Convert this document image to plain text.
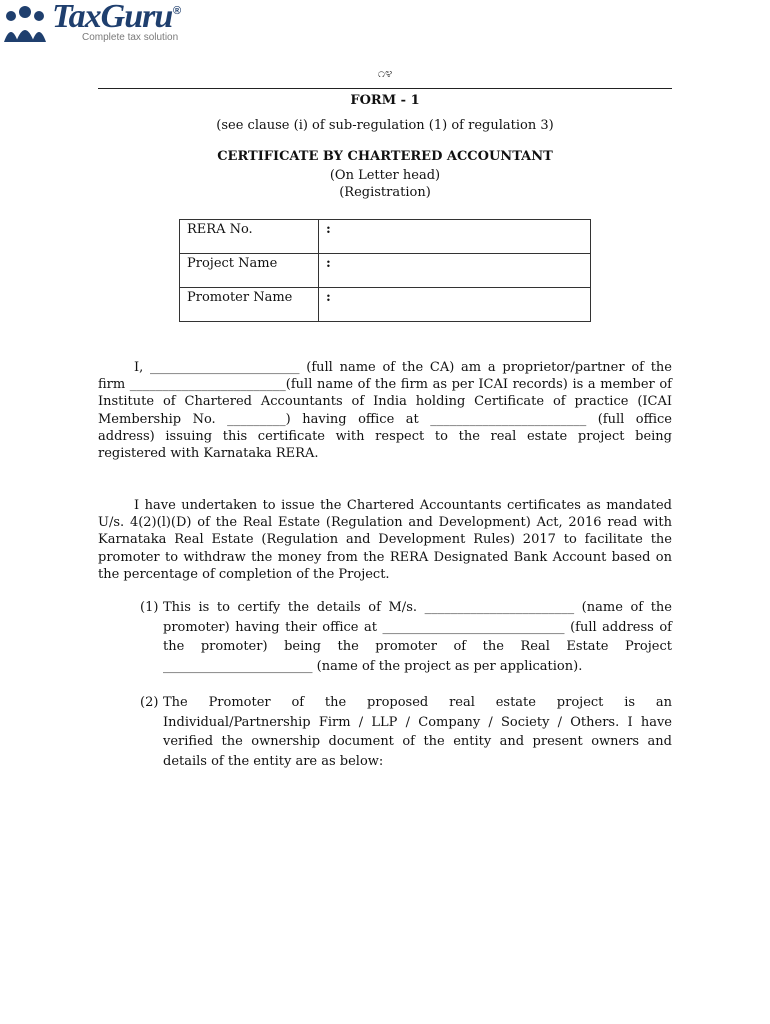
TaxGuru ®
Complete tax solution
೧೪
FORM - 1
(see clause (i) of sub-regulation (1) of regulation 3)
CERTIFICATE BY CHARTERED ACCOUNTANT
(On Letter head)
(Registration)
RERA No.	:
Project Name	:
Promoter Name	:
I, _______________________ (full name of the CA) am a proprietor/partner of the firm ________________________(full name of the firm as per ICAI records) is a member of Institute of Chartered Accountants of India holding Certificate of practice (ICAI Membership No. _________) having office at ________________________ (full office address) issuing this certificate with respect to the real estate project being registered with Karnataka RERA.
I have undertaken to issue the Chartered Accountants certificates as mandated U/s. 4(2)(l)(D) of the Real Estate (Regulation and Development) Act, 2016 read with Karnataka Real Estate (Regulation and Development Rules) 2017 to facilitate the promoter to withdraw the money from the RERA Designated Bank Account based on the percentage of completion of the Project.
(1) This is to certify the details of M/s. _______________________ (name of the promoter) having their office at ____________________________ (full address of the promoter) being the promoter of the Real Estate Project _______________________ (name of the project as per application).
(2) The Promoter of the proposed real estate project is an Individual/Partnership Firm / LLP / Company / Society / Others. I have verified the ownership document of the entity and present owners and details of the entity are as below:
